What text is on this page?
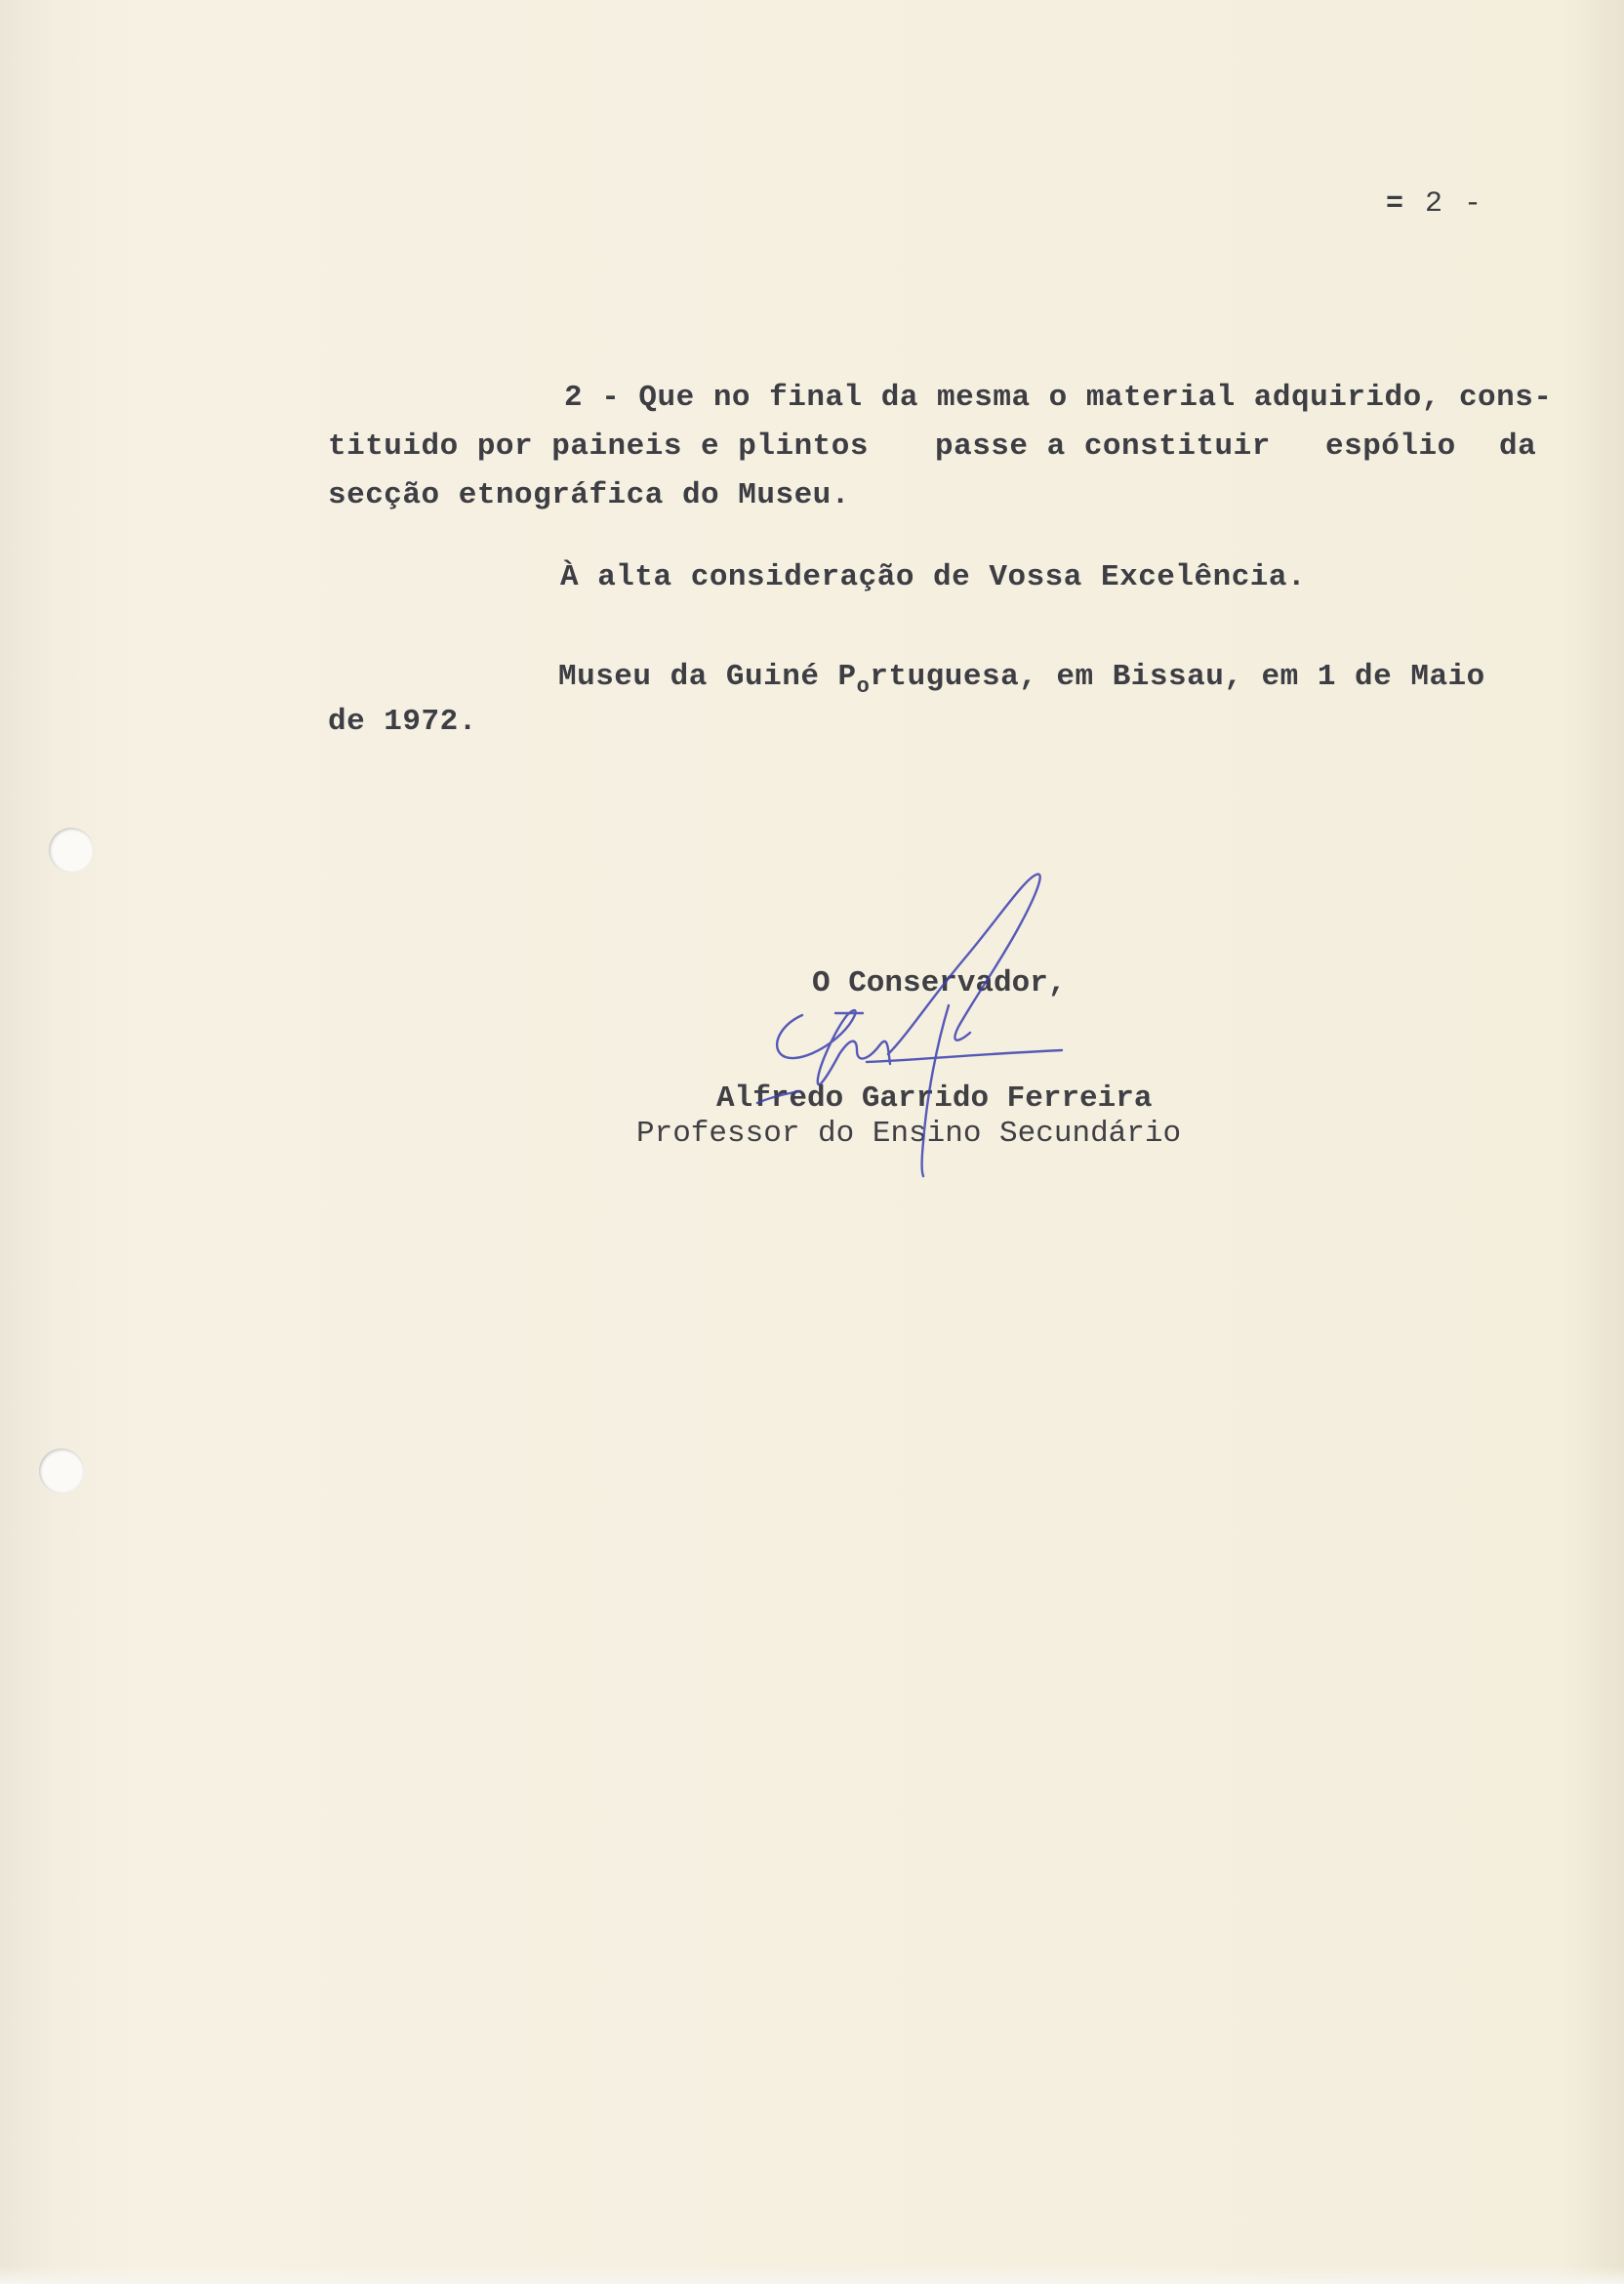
= 2 -
2 - Que no final da mesma o material adquirido, cons-
tituido por paineis e plintos passe a constituir espólio da
secção etnográfica do Museu.
À alta consideração de Vossa Excelência.
Museu da Guiné $P_ortuguesa$, em Bissau, em 1 de Maio
de 1972.
O Conservador,
Alfredo Garrido Ferreira
Professor do Ensino Secundário
